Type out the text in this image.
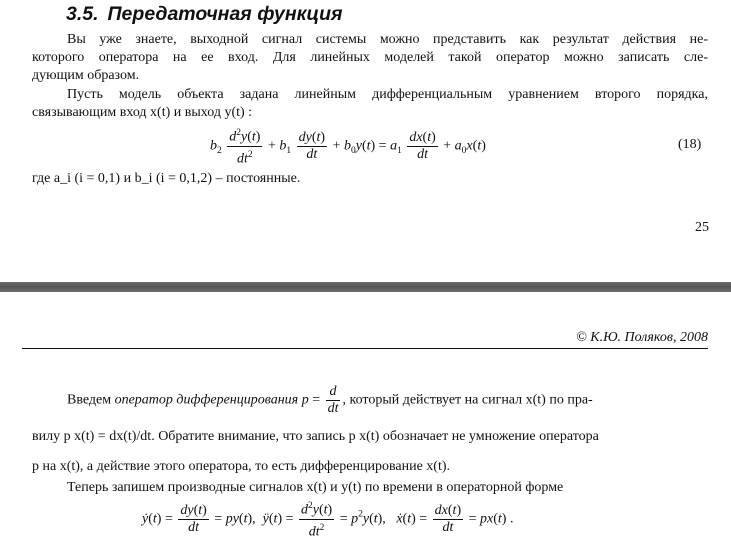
3.5. Передаточная функция
Вы уже знаете, выходной сигнал системы можно представить как результат действия не-
которого оператора на ее вход. Для линейных моделей такой оператор можно записать сле-
дующим образом.
Пусть модель объекта задана линейным дифференциальным уравнением второго порядка,
связывающим вход x(t) и выход y(t) :
$b_2 \frac{d^2y(t)}{dt^2} + b_1 \frac{dy(t)}{dt} + b_0y(t) = a_1 \frac{dx(t)}{dt} + a_0x(t)$	(18)
где a_i (i = 0,1) и b_i (i = 0,1,2) – постоянные.
25
© К.Ю. Поляков, 2008
Введем оператор дифференцирования $p = \frac{d}{dt}$ , который действует на сигнал x(t) по пра-
вилу p x(t) = dx(t)/dt. Обратите внимание, что запись p x(t) обозначает не умножение оператора
p на x(t), а действие этого оператора, то есть дифференцирование x(t).
Теперь запишем производные сигналов x(t) и y(t) по времени в операторной форме
ẏ(t) = $\frac{dy(t)}{dt} = py(t)$,  ÿ(t) = $\frac{d^2y(t)}{dt^2} = p^2y(t)$,   ẋ(t) = $\frac{dx(t)}{dt} = px(t)$ .
